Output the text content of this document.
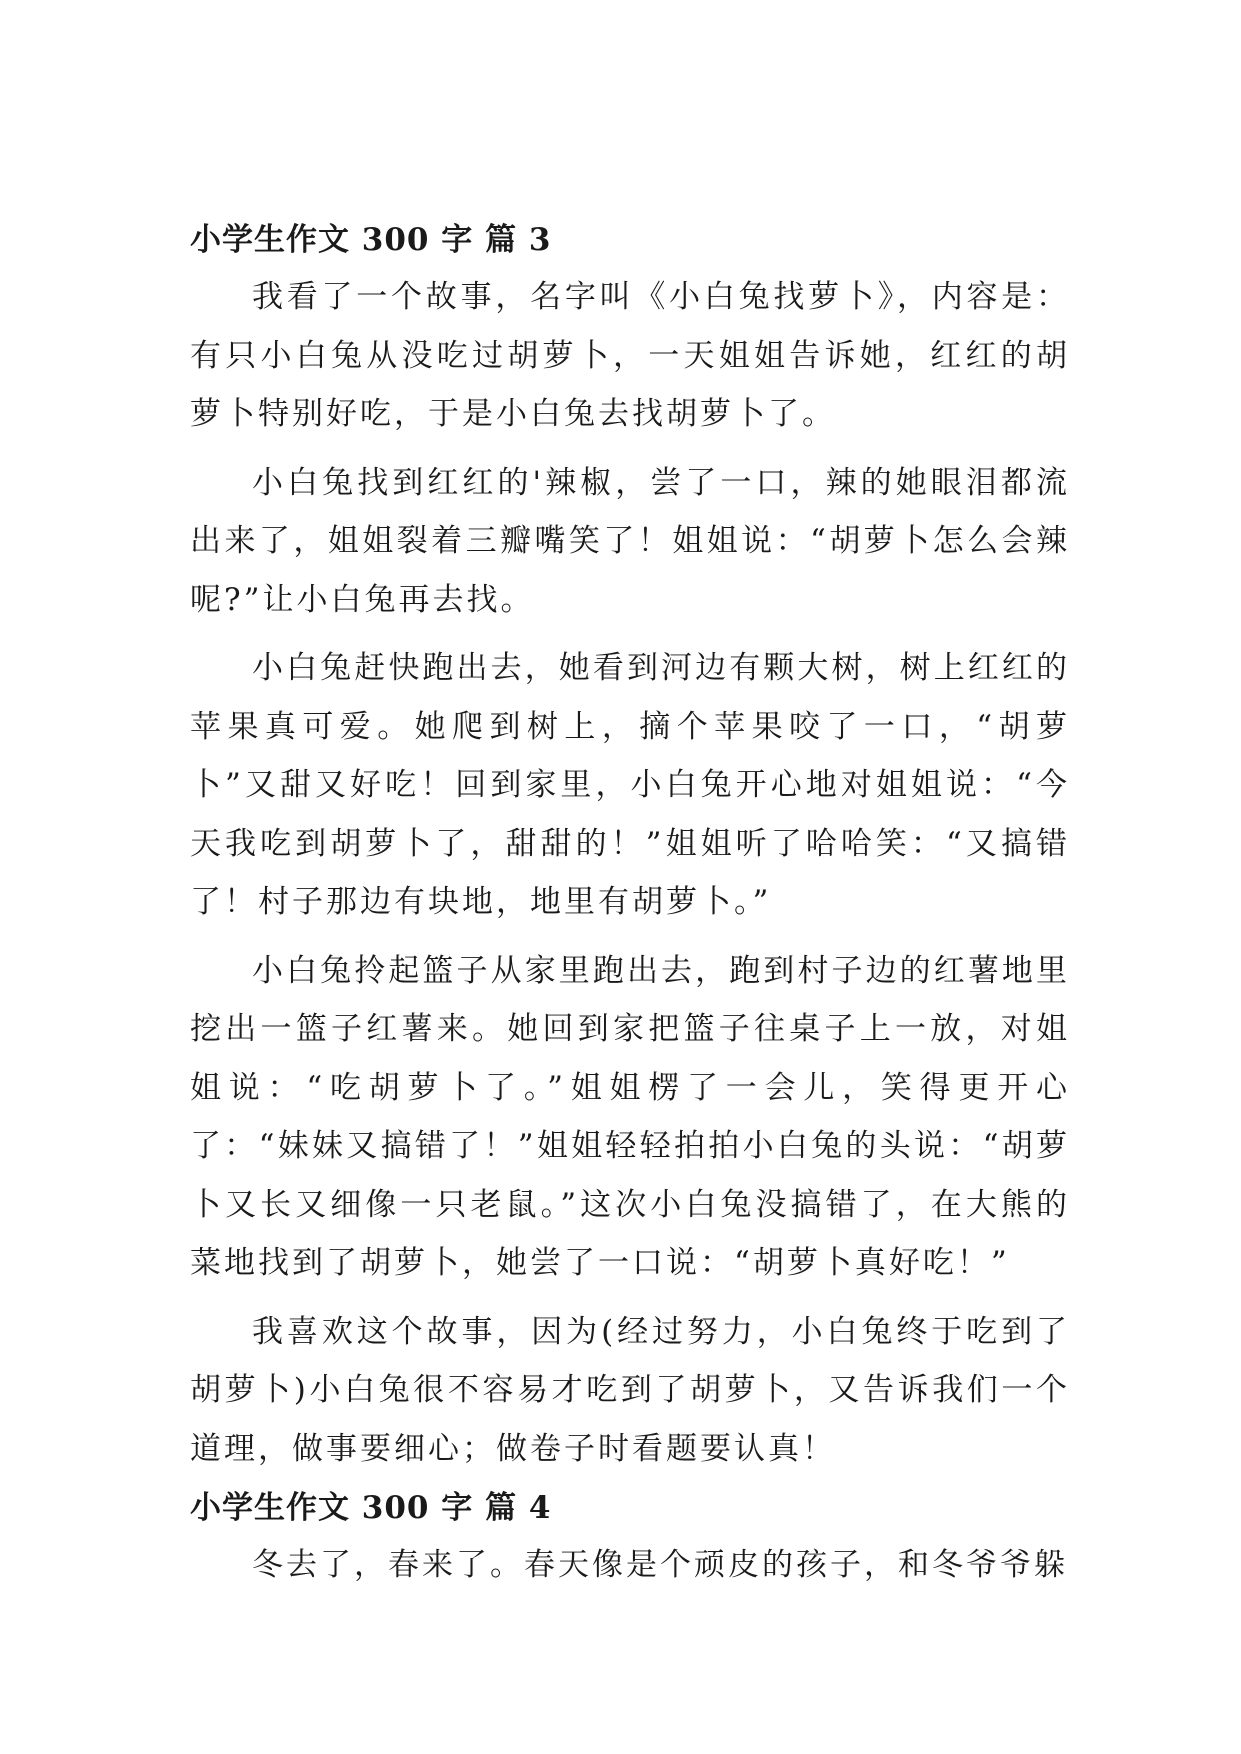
小学生作文 300 字 篇 3

我看了一个故事，名字叫《小白兔找萝卜》，内容是：有只小白兔从没吃过胡萝卜，一天姐姐告诉她，红红的胡萝卜特别好吃，于是小白兔去找胡萝卜了。

小白兔找到红红的'辣椒，尝了一口，辣的她眼泪都流出来了，姐姐裂着三瓣嘴笑了！姐姐说：“胡萝卜怎么会辣呢?”让小白兔再去找。

小白兔赶快跑出去，她看到河边有颗大树，树上红红的苹果真可爱。她爬到树上，摘个苹果咬了一口，“胡萝卜”又甜又好吃！回到家里，小白兔开心地对姐姐说：“今天我吃到胡萝卜了，甜甜的！”姐姐听了哈哈笑：“又搞错了！村子那边有块地，地里有胡萝卜。”

小白兔拎起篮子从家里跑出去，跑到村子边的红薯地里挖出一篮子红薯来。她回到家把篮子往桌子上一放，对姐姐说：“吃胡萝卜了。”姐姐楞了一会儿，笑得更开心了：“妹妹又搞错了！”姐姐轻轻拍拍小白兔的头说：“胡萝卜又长又细像一只老鼠。”这次小白兔没搞错了，在大熊的菜地找到了胡萝卜，她尝了一口说：“胡萝卜真好吃！”

我喜欢这个故事，因为(经过努力，小白兔终于吃到了胡萝卜)小白兔很不容易才吃到了胡萝卜，又告诉我们一个道理，做事要细心；做卷子时看题要认真！

小学生作文 300 字 篇 4

冬去了，春来了。春天像是个顽皮的孩子，和冬爷爷躲
